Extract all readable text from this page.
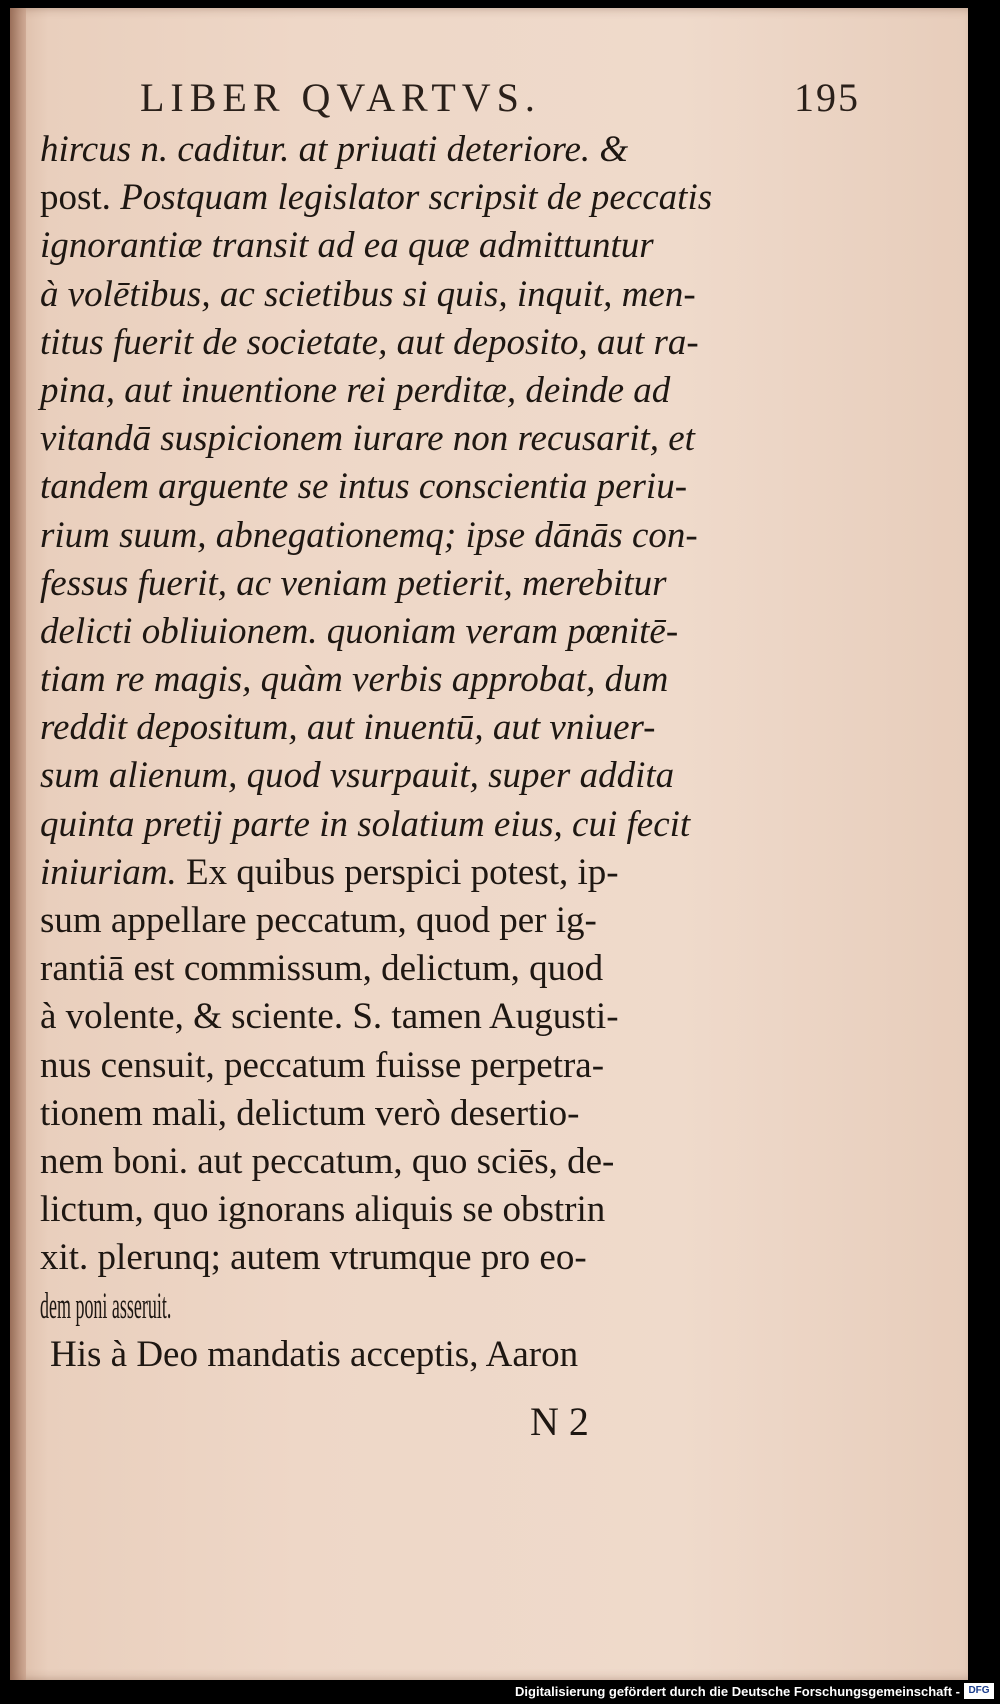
LIBER QVARTVS.	195
hircus n. caditur. at priuati deteriore. &
post. Postquam legislator scripsit de peccatis
ignorantiæ transit ad ea quæ admittuntur
à volētibus, ac scietibus si quis, inquit, men-
titus fuerit de societate, aut deposito, aut ra-
pina, aut inuentione rei perditæ, deinde ad
vitandā suspicionem iurare non recusarit, et
tandem arguente se intus conscientia periu-
rium suum, abnegationemq; ipse dānās con-
fessus fuerit, ac veniam petierit, merebitur
delicti obliuionem. quoniam veram pœnitē-
tiam re magis, quàm verbis approbat, dum
reddit depositum, aut inuentū, aut vniuer-
sum alienum, quod vsurpauit, super addita
quinta pretij parte in solatium eius, cui fecit
iniuriam. Ex quibus perspici potest, ip-
sum appellare peccatum, quod per ig-
rantiā est commissum, delictum, quod
à volente, & sciente. S. tamen Augusti-
nus censuit, peccatum fuisse perpetra-
tionem mali, delictum verò desertio-
nem boni. aut peccatum, quo sciēs, de-
lictum, quo ignorans aliquis se obstrin
xit. plerunq; autem vtrumque pro eo-
dem poni asseruit.
His à Deo mandatis acceptis, Aaron
N 2
Digitalisierung gefördert durch die Deutsche Forschungsgemeinschaft - DFG
